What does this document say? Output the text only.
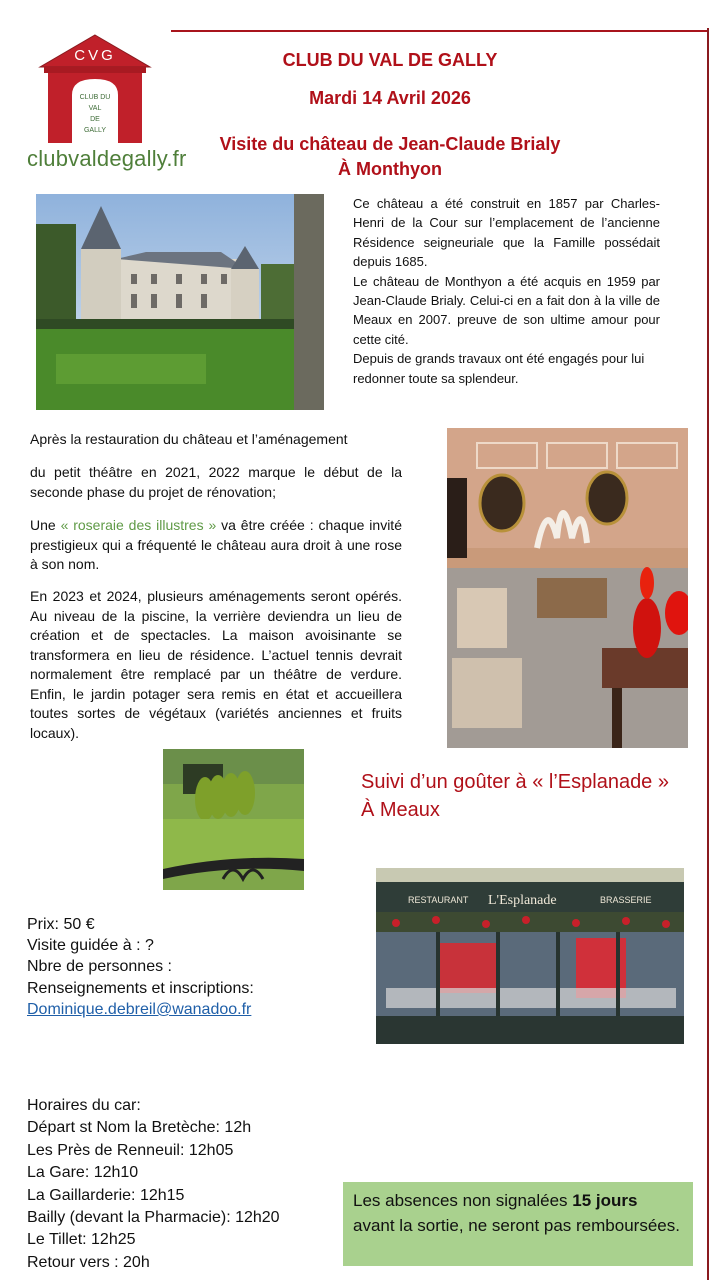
CVG
CLUB DU
VAL
DE
GALLY
clubvaldegally.fr
CLUB DU VAL DE GALLY
Mardi 14 Avril 2026
Visite du château de Jean-Claude Brialy
À Monthyon

Ce château a été construit en 1857 par Charles-Henri de la Cour sur l’emplacement de l’ancienne Résidence seigneuriale que la Famille possédait depuis 1685.

Le château de Monthyon a été acquis en 1959 par Jean-Claude Brialy. Celui-ci en a fait don à la ville de Meaux en 2007. preuve de son ultime amour pour cette cité.

Depuis de grands travaux ont été engagés pour lui redonner toute sa splendeur.

Après la restauration du château et l’aménagement
du petit théâtre en 2021, 2022 marque le début de la seconde phase du projet de rénovation;
Une « roseraie des illustres » va être créée : chaque invité prestigieux qui a fréquenté le château aura droit à une rose à son nom.
En 2023 et 2024, plusieurs aménagements seront opérés. Au niveau de la piscine, la verrière deviendra un lieu de création et de spectacles. La maison avoisinante se transformera en lieu de résidence. L’actuel tennis devrait normalement être remplacé par un théâtre de verdure. Enfin, le jardin potager sera remis en état et accueillera toutes sortes de végétaux (variétés anciennes et fruits locaux).
Suivi d’un goûter à « l’Esplanade »
À Meaux
RESTAURANT L'Esplanade	BRASSERIE
Prix: 50 €
Visite guidée à : ?
Nbre de personnes :
Renseignements et inscriptions:
Dominique.debreil@wanadoo.fr
Horaires du car:
Départ st Nom la Bretèche: 12h
Les Près de Renneuil: 12h05
La Gare: 12h10
La Gaillarderie: 12h15
Bailly (devant la Pharmacie): 12h20
Le Tillet: 12h25
Retour vers : 20h
Les absences non signalées 15 jours avant la sortie, ne seront pas remboursées.
